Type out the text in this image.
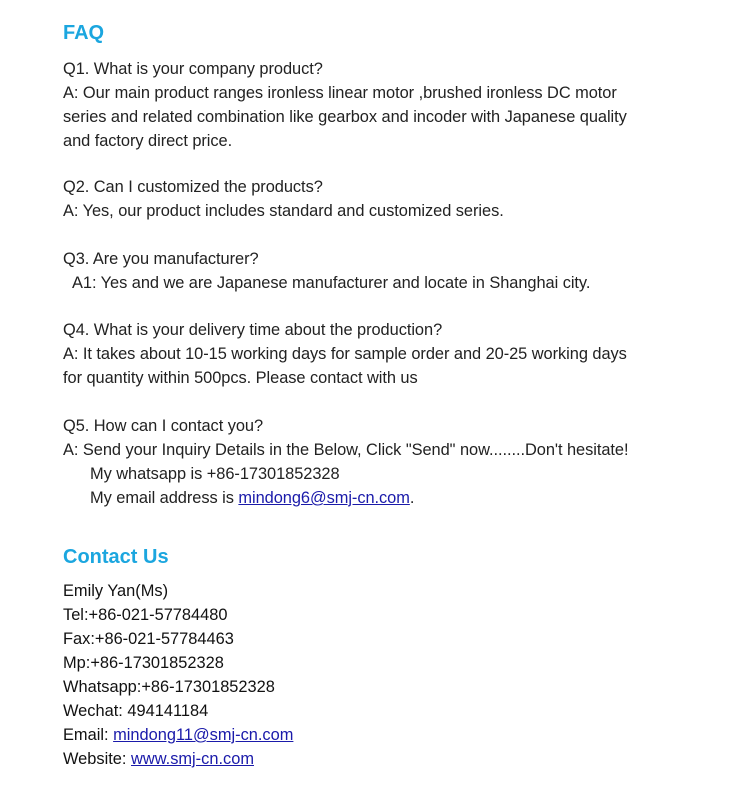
FAQ
Q1. What is your company product?
A: Our main product ranges ironless linear motor ,brushed ironless DC motor
series and related combination like gearbox and incoder with Japanese quality
and factory direct price.
Q2. Can I customized the products?
A: Yes, our product includes standard and customized series.
Q3. Are you manufacturer?
A1: Yes and we are Japanese manufacturer and locate in Shanghai city.
Q4. What is your delivery time about the production?
A: It takes about 10-15 working days for sample order and 20-25 working days
for quantity within 500pcs. Please contact with us
Q5. How can I contact you?
A: Send your Inquiry Details in the Below, Click "Send" now........Don't hesitate!
My whatsapp is +86-17301852328
My email address is mindong6@smj-cn.com.
Contact Us
Emily Yan(Ms)
Tel:+86-021-57784480
Fax:+86-021-57784463
Mp:+86-17301852328
Whatsapp:+86-17301852328
Wechat: 494141184
Email: mindong11@smj-cn.com
Website: www.smj-cn.com
